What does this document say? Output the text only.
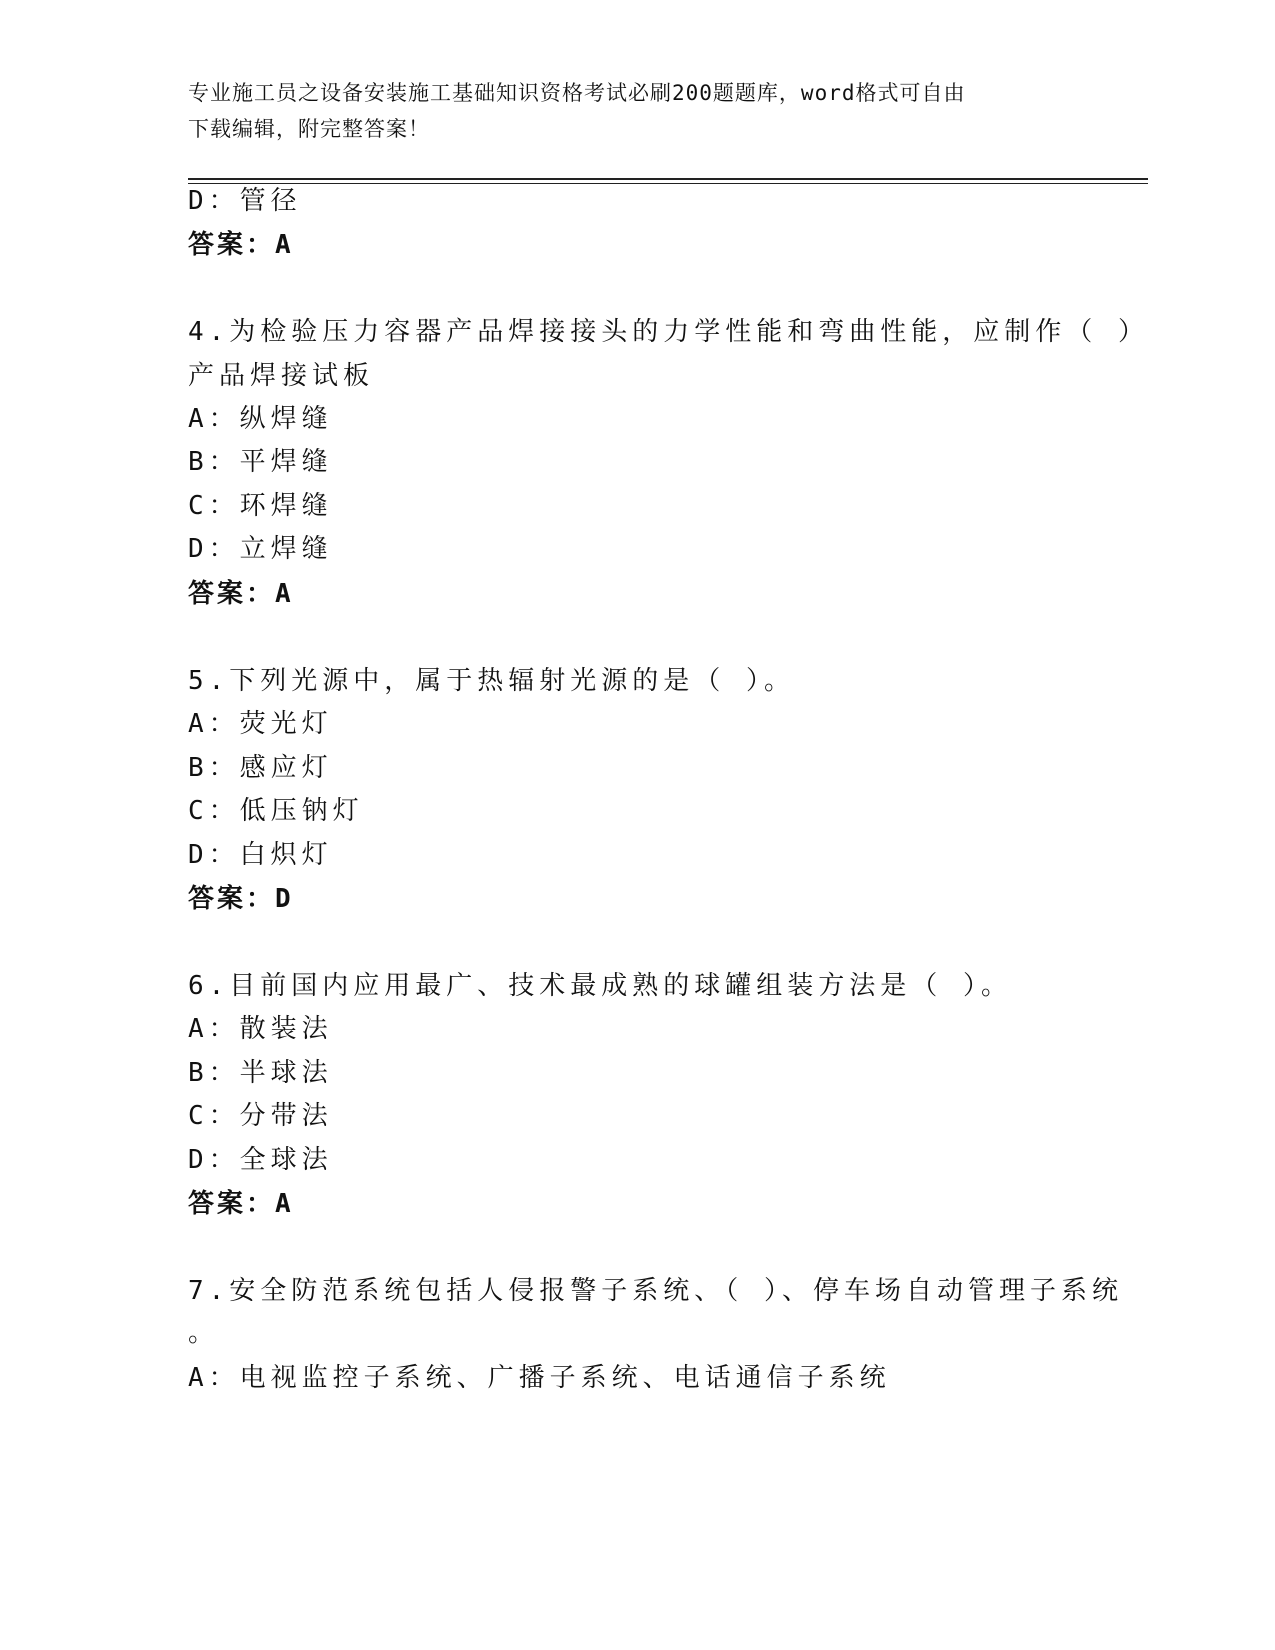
专业施工员之设备安装施工基础知识资格考试必刷200题题库，word格式可自由
下载编辑，附完整答案！
D：管径
答案：A
4.为检验压力容器产品焊接接头的力学性能和弯曲性能，应制作（ ）
产品焊接试板
A：纵焊缝
B：平焊缝
C：环焊缝
D：立焊缝
答案：A
5.下列光源中，属于热辐射光源的是（ ）。
A：荧光灯
B：感应灯
C：低压钠灯
D：白炽灯
答案：D
6.目前国内应用最广、技术最成熟的球罐组装方法是（ ）。
A：散装法
B：半球法
C：分带法
D：全球法
答案：A
7.安全防范系统包括人侵报警子系统、（ ）、停车场自动管理子系统
。
A：电视监控子系统、广播子系统、电话通信子系统
